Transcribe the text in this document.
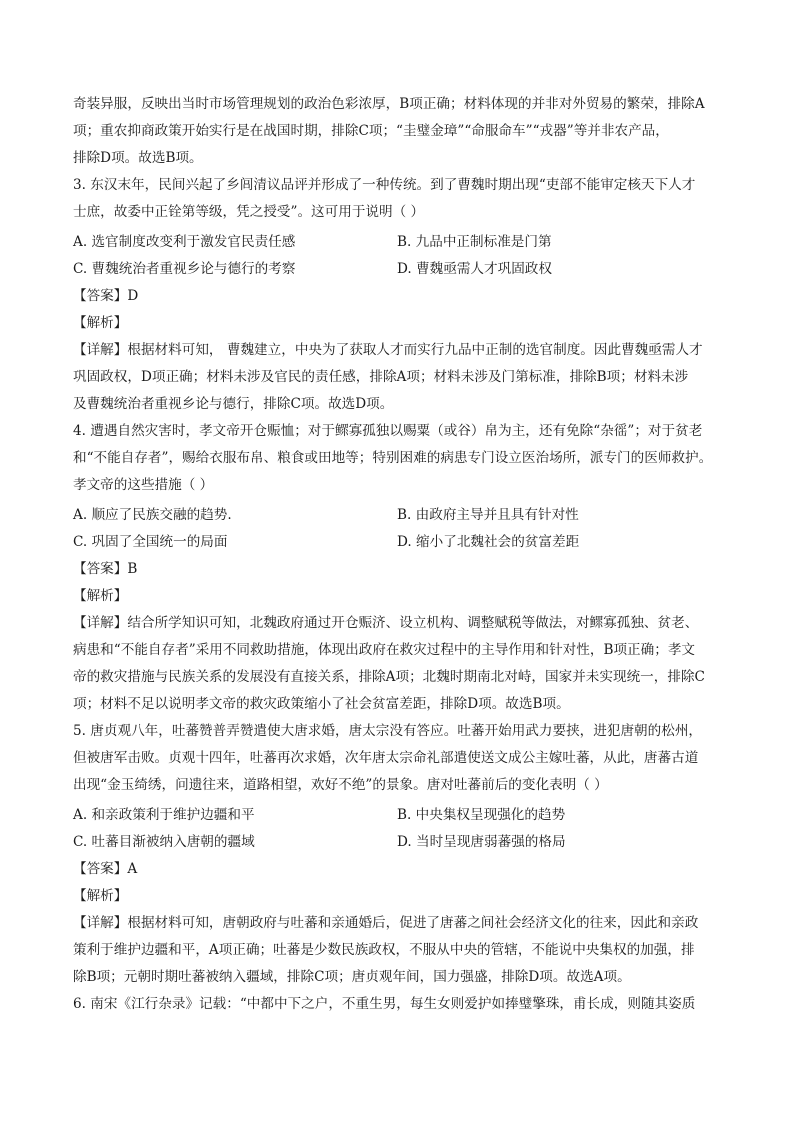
奇装异服，反映出当时市场管理规划的政治色彩浓厚，B项正确；材料体现的并非对外贸易的繁荣，排除A
项；重农抑商政策开始实行是在战国时期，排除C项；“圭璧金璋”“命服命车”“戎器”等并非农产品，
排除D项。故选B项。
3. 东汉末年，民间兴起了乡闾清议品评并形成了一种传统。到了曹魏时期出现“吏部不能审定核天下人才
士庶，故委中正铨第等级，凭之授受”。这可用于说明（ ）
A. 选官制度改变利于激发官民责任感	B. 九品中正制标准是门第
C. 曹魏统治者重视乡论与德行的考察	D. 曹魏亟需人才巩固政权
【答案】D
【解析】
【详解】根据材料可知， 曹魏建立，中央为了获取人才而实行九品中正制的选官制度。因此曹魏亟需人才
巩固政权，D项正确；材料未涉及官民的责任感，排除A项；材料未涉及门第标准，排除B项；材料未涉
及曹魏统治者重视乡论与德行，排除C项。故选D项。
4. 遭遇自然灾害时，孝文帝开仓赈恤；对于鳏寡孤独以赐粟（或谷）帛为主，还有免除“杂徭”；对于贫老
和“不能自存者”，赐给衣服布帛、粮食或田地等；特别困难的病患专门设立医治场所，派专门的医师救护。
孝文帝的这些措施（ ）
A. 顺应了民族交融的趋势.	B. 由政府主导并且具有针对性
C. 巩固了全国统一的局面	D. 缩小了北魏社会的贫富差距
【答案】B
【解析】
【详解】结合所学知识可知，北魏政府通过开仓赈济、设立机构、调整赋税等做法，对鳏寡孤独、贫老、
病患和“不能自存者”采用不同救助措施，体现出政府在救灾过程中的主导作用和针对性，B项正确；孝文
帝的救灾措施与民族关系的发展没有直接关系，排除A项；北魏时期南北对峙，国家并未实现统一，排除C
项；材料不足以说明孝文帝的救灾政策缩小了社会贫富差距，排除D项。故选B项。
5. 唐贞观八年，吐蕃赞普弄赞遣使大唐求婚，唐太宗没有答应。吐蕃开始用武力要挟，进犯唐朝的松州，
但被唐军击败。贞观十四年，吐蕃再次求婚，次年唐太宗命礼部遣使送文成公主嫁吐蕃，从此，唐蕃古道
出现“金玉绮绣，问遗往来，道路相望，欢好不绝”的景象。唐对吐蕃前后的变化表明（ ）
A. 和亲政策利于维护边疆和平	B. 中央集权呈现强化的趋势
C. 吐蕃目渐被纳入唐朝的疆域	D. 当时呈现唐弱蕃强的格局
【答案】A
【解析】
【详解】根据材料可知，唐朝政府与吐蕃和亲通婚后，促进了唐蕃之间社会经济文化的往来，因此和亲政
策利于维护边疆和平，A项正确；吐蕃是少数民族政权，不服从中央的管辖，不能说中央集权的加强，排
除B项；元朝时期吐蕃被纳入疆域，排除C项；唐贞观年间，国力强盛，排除D项。故选A项。
6. 南宋《江行杂录》记载：“中都中下之户，不重生男，每生女则爱护如捧璧擎珠，甫长成，则随其姿质
